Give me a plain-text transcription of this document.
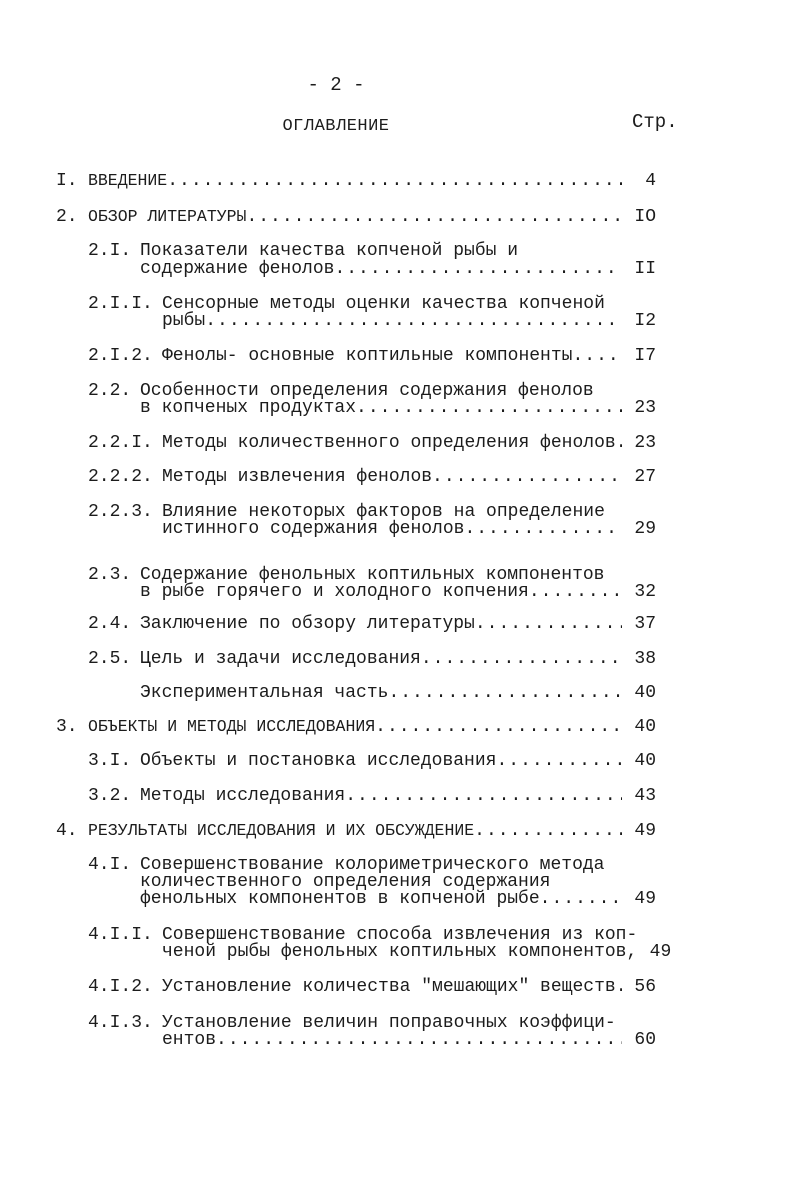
- 2 -
ОГЛАВЛЕНИЕ	Стр.
I. ВВЕДЕНИЕ .....	4
2. ОБЗОР ЛИТЕРАТУРЫ .....	IO
2.I. Показатели качества копченой рыбы и
содержание фенолов .....	II
2.I.I. Сенсорные методы оценки качества копченой
рыбы .....	I2
2.I.2. Фенолы- основные коптильные компоненты .....	I7
2.2. Особенности определения содержания фенолов
в копченых продуктах .....	23
2.2.I. Методы количественного определения фенолов .....	23
2.2.2. Методы извлечения фенолов .....	27
2.2.3. Влияние некоторых факторов на определение
истинного содержания фенолов .....	29
2.3. Содержание фенольных коптильных компонентов
в рыбе горячего и холодного копчения .....	32
2.4. Заключение по обзору литературы .....	37
2.5. Цель и задачи исследования .....	38
Экспериментальная часть .....	40
3. ОБЪЕКТЫ И МЕТОДЫ ИССЛЕДОВАНИЯ .....	40
3.I. Объекты и постановка исследования .....	40
3.2. Методы исследования .....	43
4. РЕЗУЛЬТАТЫ ИССЛЕДОВАНИЯ И ИХ ОБСУЖДЕНИЕ .....	49
4.I. Совершенствование колориметрического метода
количественного определения содержания
фенольных компонентов в копченой рыбе .....	49
4.I.I. Совершенствование способа извлечения из коп-
ченой рыбы фенольных коптильных компонентов, 49
4.I.2. Установление количества "мешающих" веществ .....	56
4.I.3. Установление величин поправочных коэффици-
ентов .....	60
